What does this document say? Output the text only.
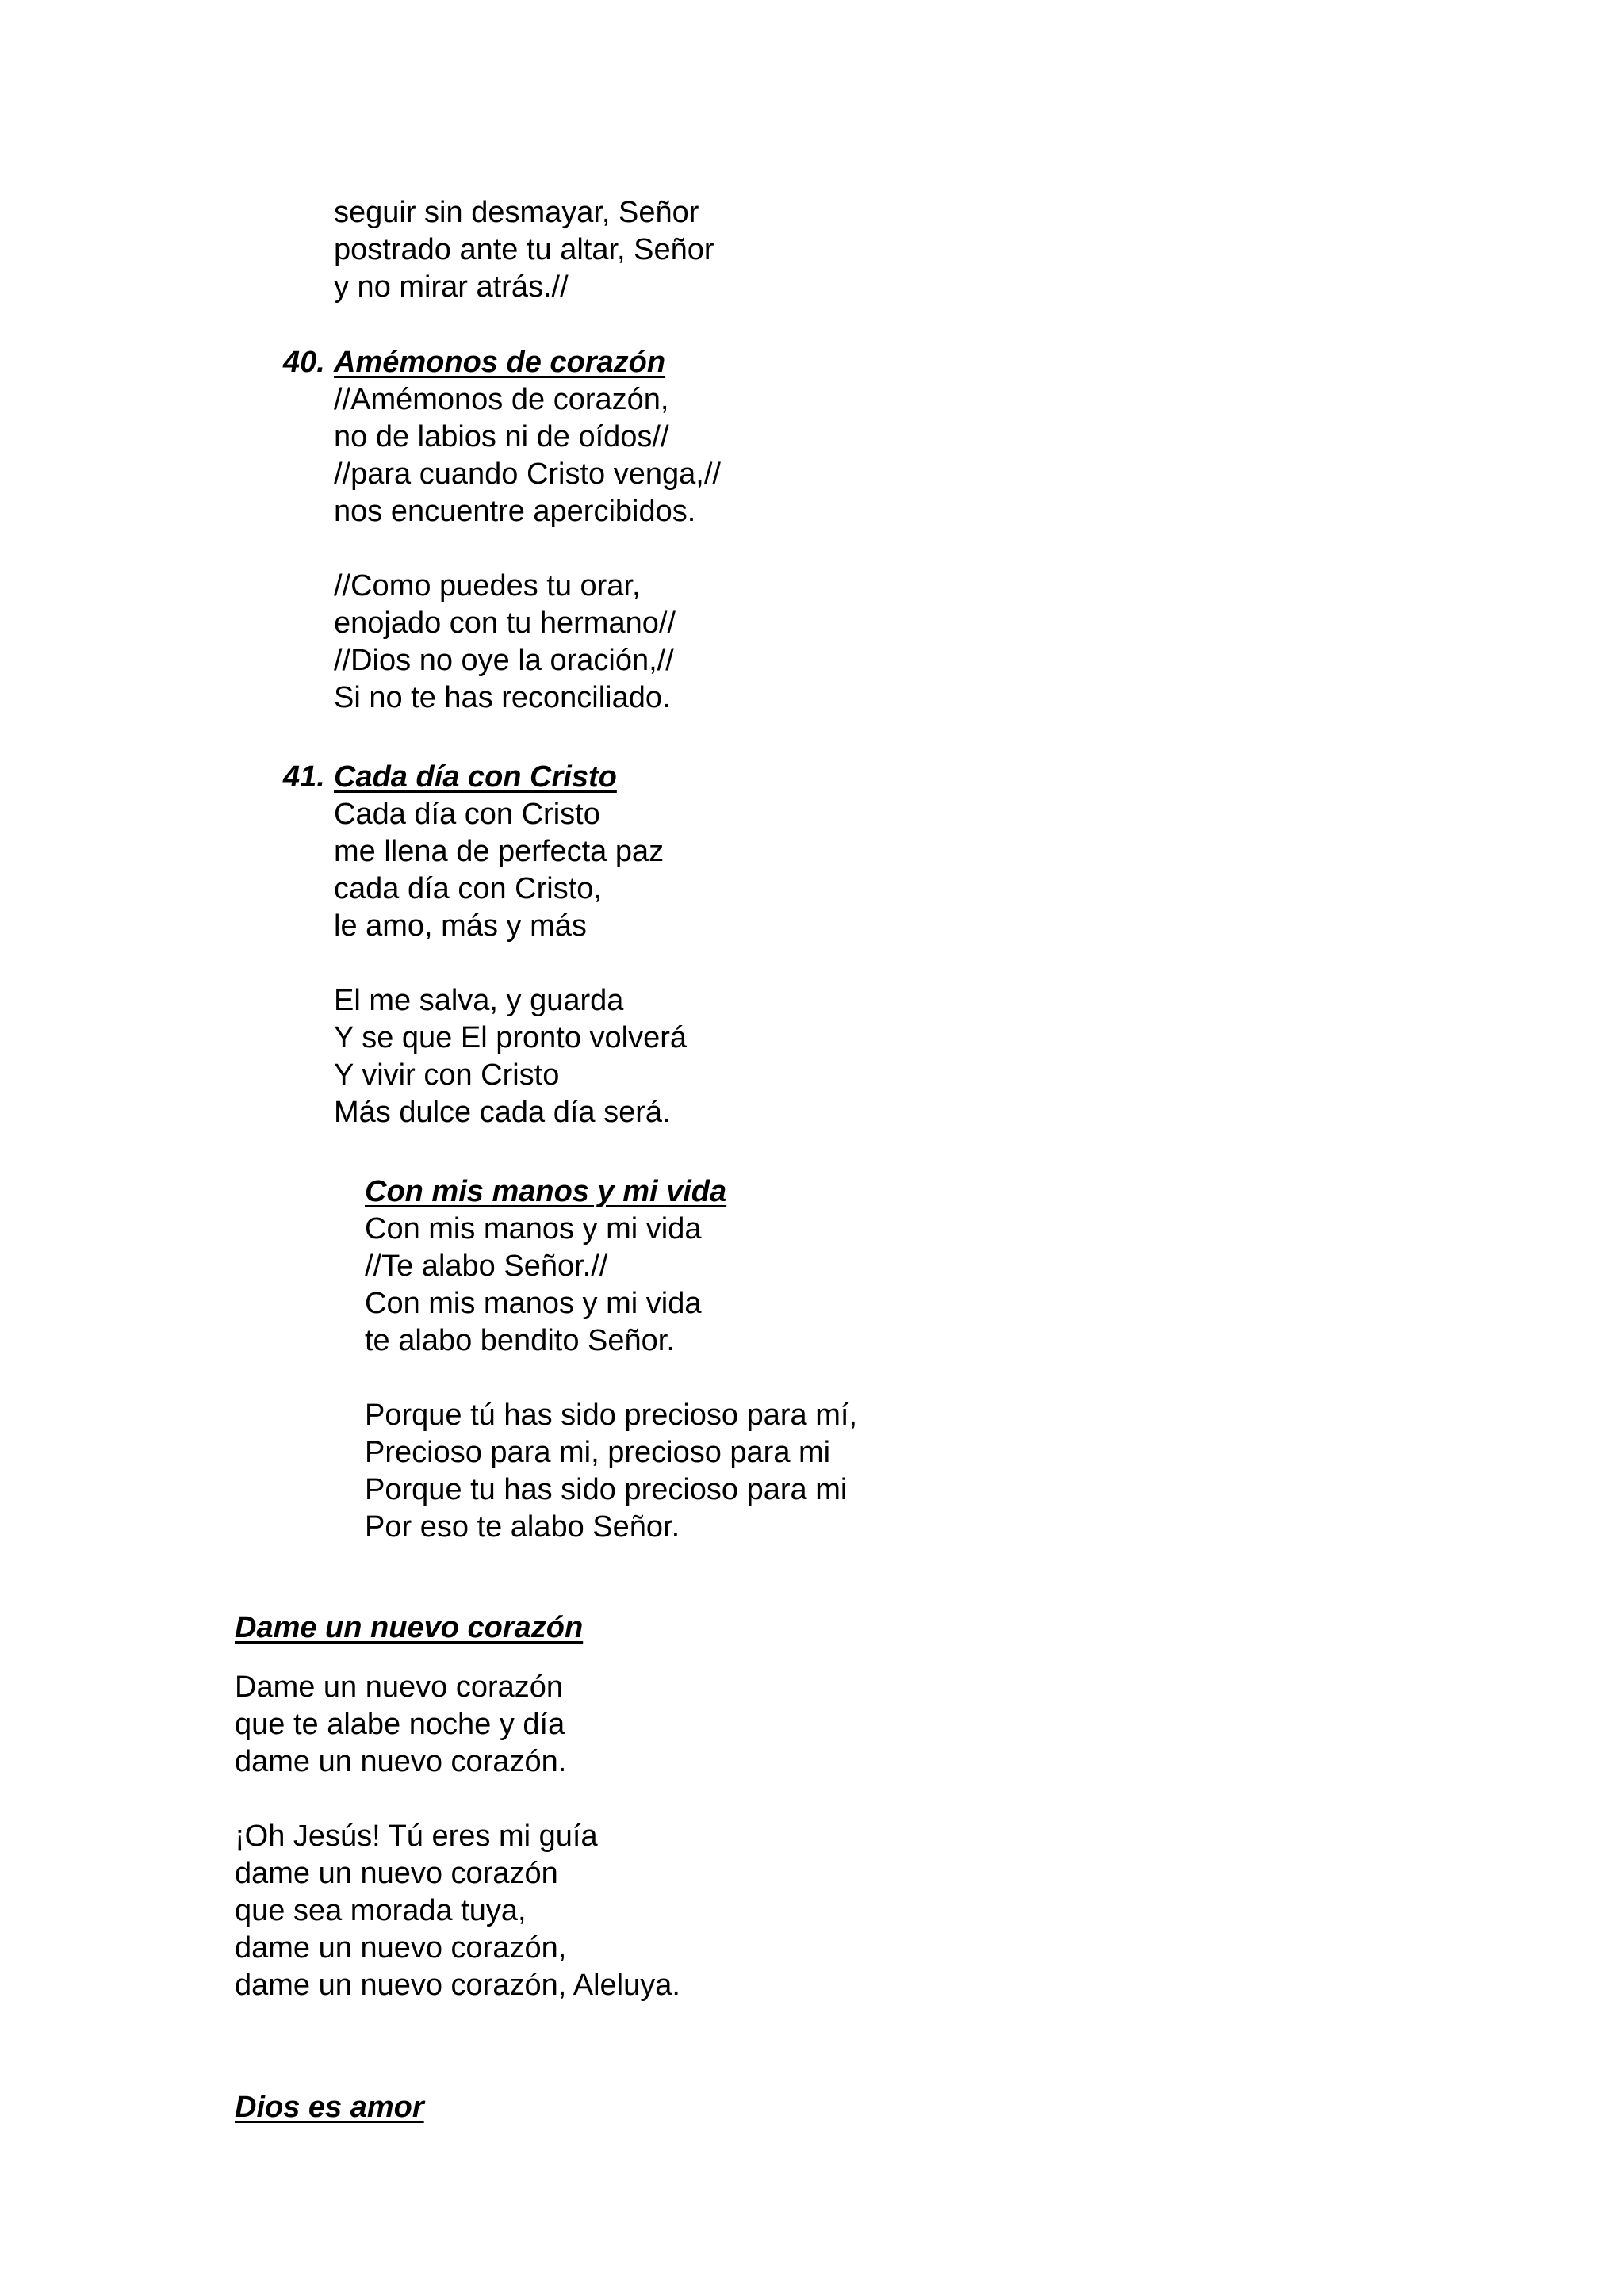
seguir sin desmayar, Señor
postrado ante tu altar, Señor
y no mirar atrás.//
40. Amémonos de corazón
//Amémonos de corazón,
no de labios ni de oídos//
//para cuando Cristo venga,//
nos encuentre apercibidos.
//Como puedes tu orar,
enojado con tu hermano//
//Dios no oye la oración,//
Si no te has reconciliado.
41. Cada día con Cristo
Cada día con Cristo
me llena de perfecta paz
cada día con Cristo,
le amo, más y más
El me salva, y guarda
Y se que El pronto volverá
Y vivir con Cristo
Más dulce cada día será.
Con mis manos y mi vida
Con mis manos y mi vida
//Te alabo Señor.//
Con mis manos y mi vida
te alabo bendito Señor.
Porque tú has sido precioso para mí,
Precioso para mi, precioso para mi
Porque tu has sido precioso para mi
Por eso te alabo Señor.
Dame un nuevo corazón
Dame un nuevo corazón
que te alabe noche y día
dame un nuevo corazón.
¡Oh Jesús! Tú eres mi guía
dame un nuevo corazón
que sea morada tuya,
dame un nuevo corazón,
dame un nuevo corazón, Aleluya.
Dios es amor
